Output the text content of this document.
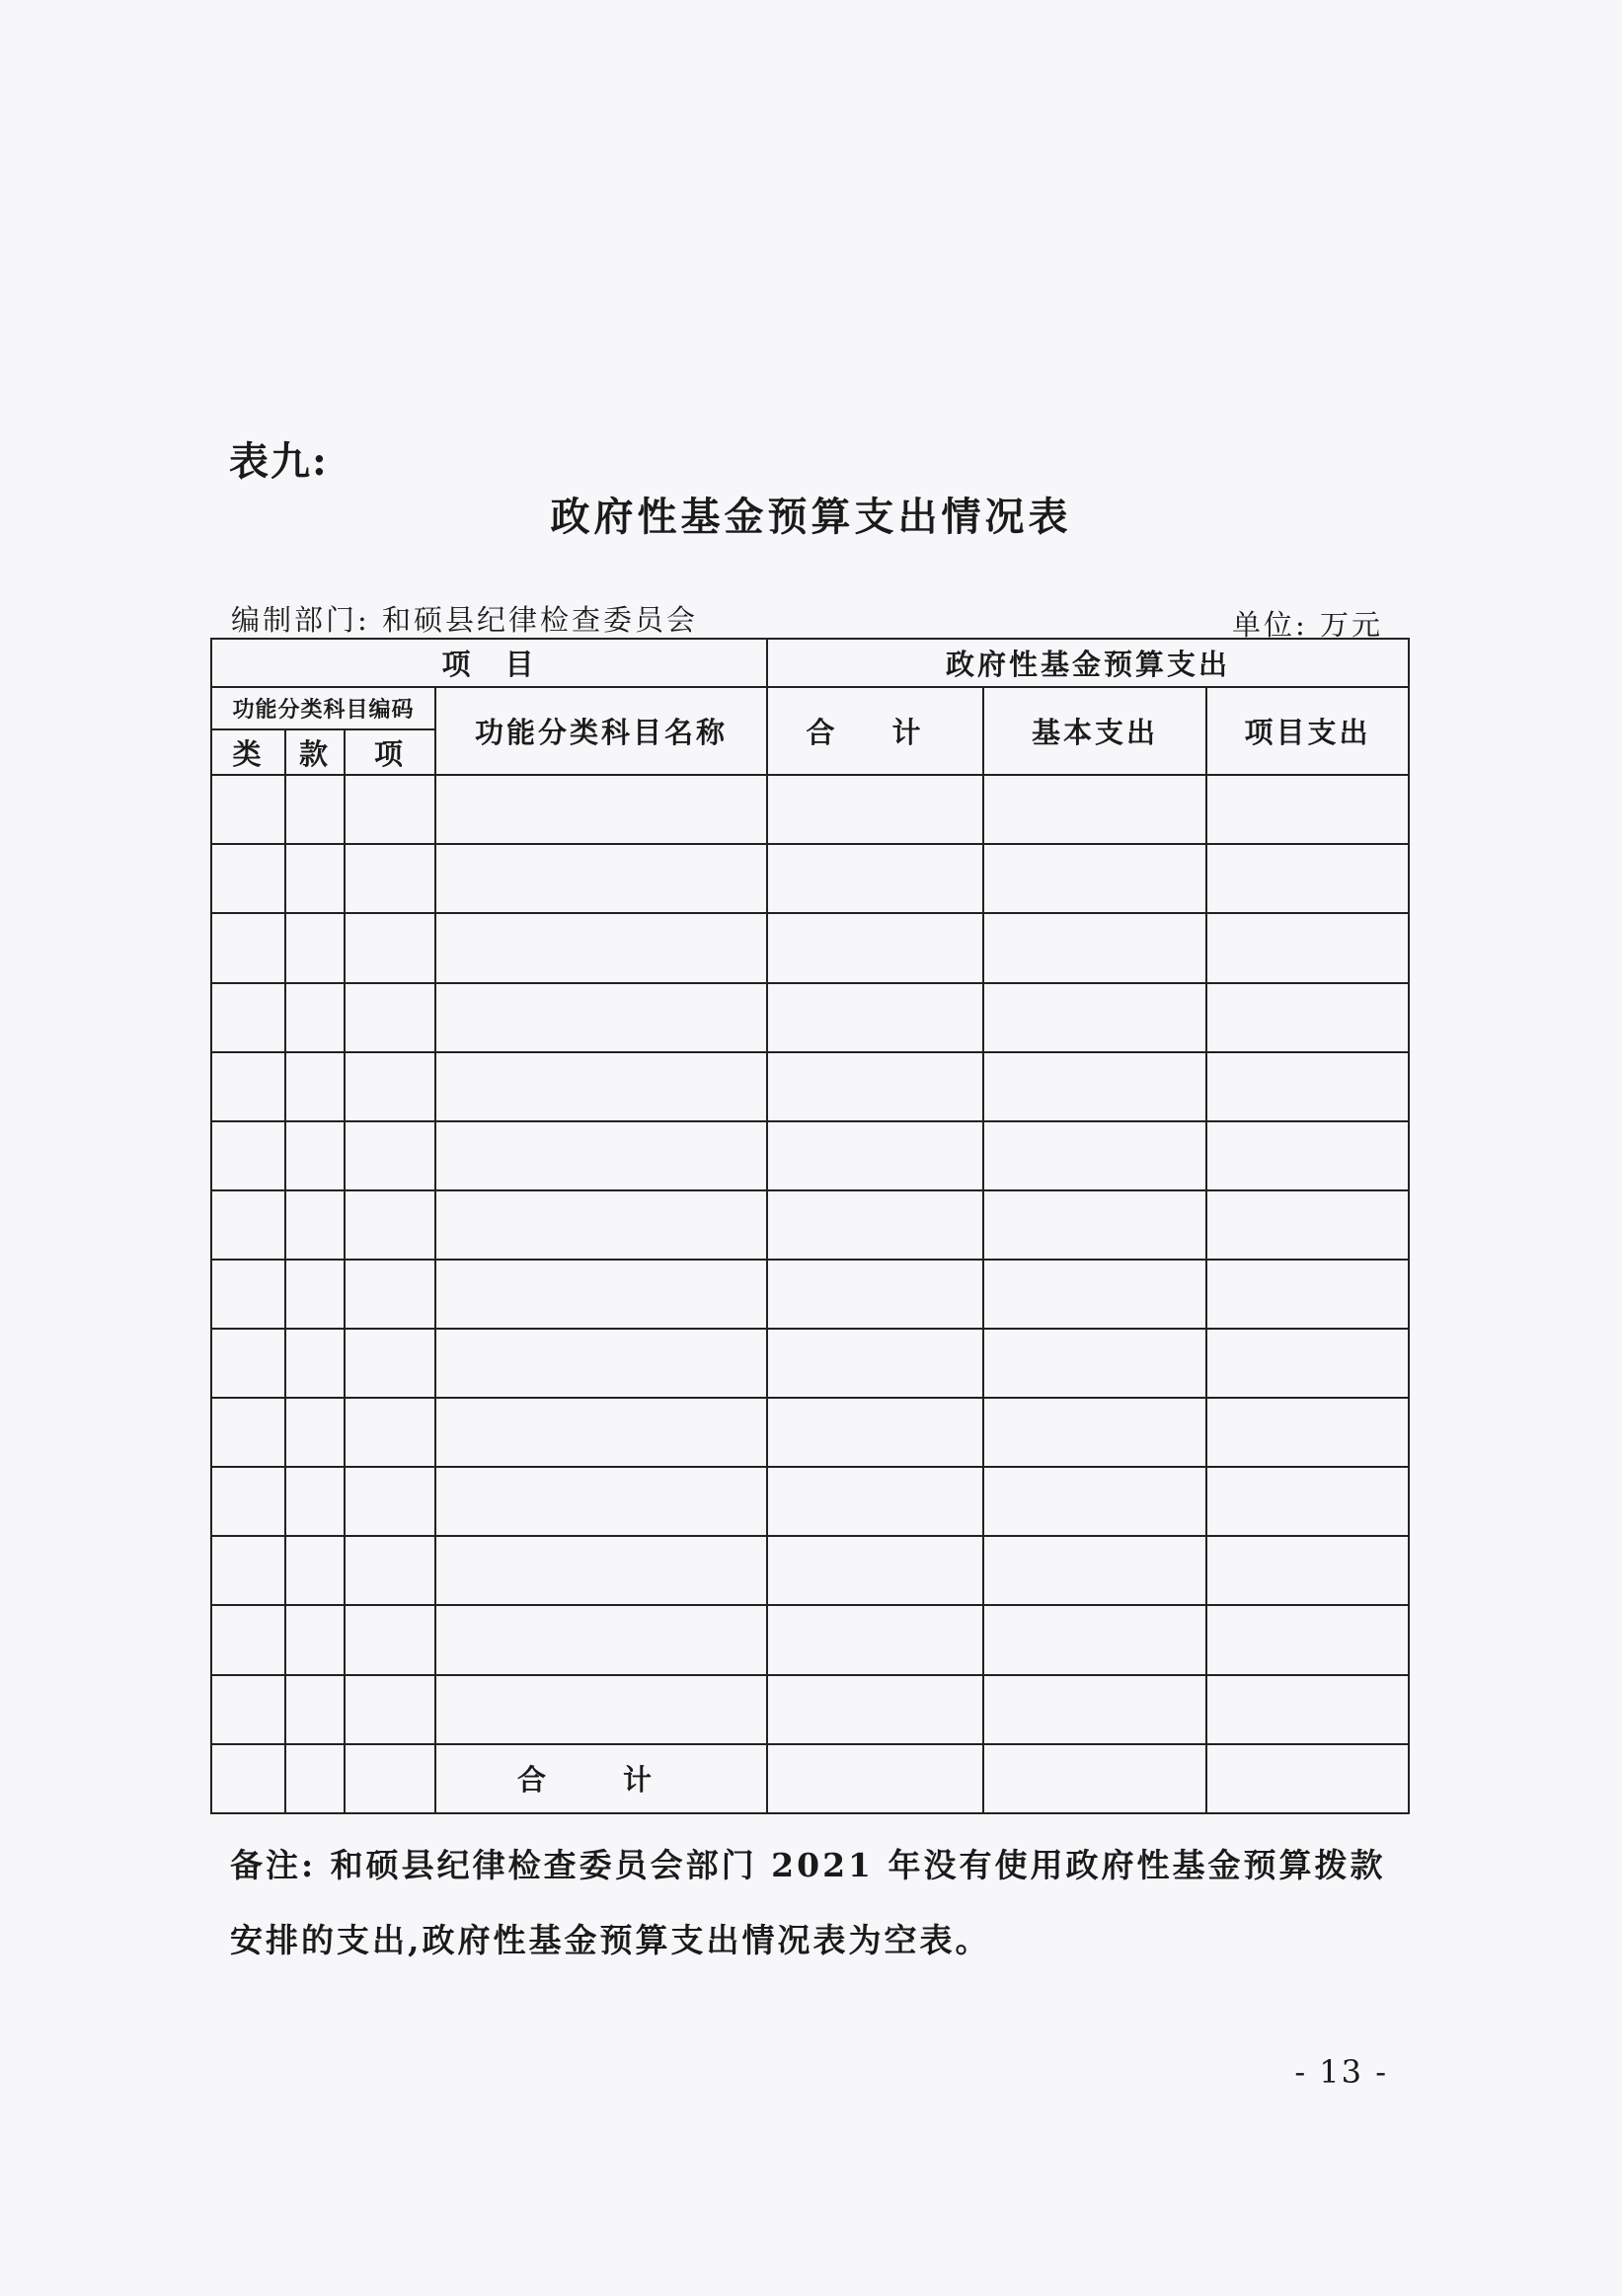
表九:
政府性基金预算支出情况表
编制部门: 和硕县纪律检查委员会	单位: 万元
项　目				政府性基金预算支出		
功能分类科目编码			功能分类科目名称	合 计	基本支出	项目支出
类	款	项				

			合 计			
备注: 和硕县纪律检查委员会部门 2021 年没有使用政府性基金预算拨款安排的支出,政府性基金预算支出情况表为空表。
- 13 -
